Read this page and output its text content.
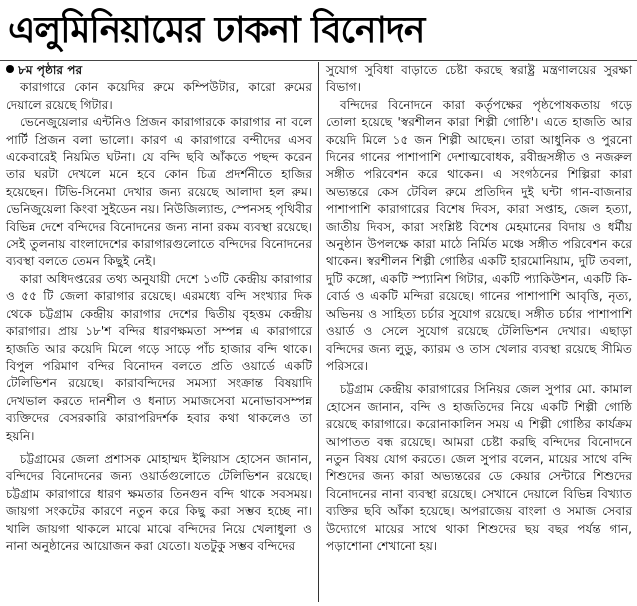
এলুমিনিয়ামের ঢাকনা বিনোদন

৮ম পৃষ্ঠার পর

কারাগারে কোন কয়েদির রুমে কম্পিউটার, কারো রুমের দেয়ালে রয়েছে গিটার।

ভেনেজুয়েলার এন্টনিও প্রিজন কারাগারকে কারাগার না বলে পার্টি প্রিজন বলা ভালো। কারণ এ কারাগারে বন্দীদের এসব একেবারেই নিয়মিত ঘটনা। যে বন্দি ছবি আঁকতে পছন্দ করেন তার ঘরটা দেখলে মনে হবে কোন চিত্র প্রদর্শনীতে হাজির হয়েছেন। টিভি-সিনেমা দেখার জন্য রয়েছে আলাদা হল রুম। ভেনিজুয়েলা কিংবা সুইডেন নয়। নিউজিল্যান্ড, স্পেনসহ পৃথিবীর বিভিন্ন দেশে বন্দিদের বিনোদনের জন্য নানা রকম ব্যবস্থা রয়েছে। সেই তুলনায় বাংলাদেশের কারাগারগুলোতে বন্দিদের বিনোদনের ব্যবস্থা বলতে তেমন কিছুই নেই।

কারা অধিদপ্তরের তথ্য অনুযায়ী দেশে ১৩টি কেন্দ্রীয় কারাগার ও ৫৫ টি জেলা কারাগার রয়েছে। এরমধ্যে বন্দি সংখ্যার দিক থেকে চট্টগ্রাম কেন্দ্রীয় কারাগার দেশের দ্বিতীয় বৃহত্তম কেন্দ্রীয় কারাগার। প্রায় ১৮'শ বন্দির ধারণক্ষমতা সম্পন্ন এ কারাগারে হাজতি আর কয়েদি মিলে গড়ে সাড়ে পাঁচ হাজার বন্দি থাকে। বিপুল পরিমাণ বন্দির বিনোদন বলতে প্রতি ওয়ার্ডে একটি টেলিভিশন রয়েছে। কারাবন্দিদের সমস্যা সংক্রান্ত বিষয়াদি দেখভাল করতে দানশীল ও ধনাঢ্য সমাজসেবা মনোভাবসম্পন্ন ব্যক্তিদের বেসরকারি কারাপরিদর্শক হবার কথা থাকলেও তা হয়নি।

চট্টগ্রামের জেলা প্রশাসক মোহাম্মদ ইলিয়াস হোসেন জানান, বন্দিদের বিনোদনের জন্য ওয়ার্ডগুলোতে টেলিভিশন রয়েছে। চট্টগ্রাম কারাগারে ধারণ ক্ষমতার তিনগুন বন্দি থাকে সবসময়। জায়গা সংকটের কারণে নতুন করে কিছু করা সম্ভব হচ্ছে না। খালি জায়গা থাকলে মাঝে মাঝে বন্দিদের নিয়ে খেলাধুলা ও নানা অনুষ্ঠানের আয়োজন করা যেতো। যতটুকু সম্ভব বন্দিদের

সুযোগ সুবিধা বাড়াতে চেষ্টা করছে স্বরাষ্ট্র মন্ত্রণালয়ের সুরক্ষা বিভাগ।

বন্দিদের বিনোদনে কারা কর্তৃপক্ষের পৃষ্ঠপোষকতায় গড়ে তোলা হয়েছে 'স্বরশীলন কারা শিল্পী গোষ্ঠি'। এতে হাজতি আর কয়েদি মিলে ১৫ জন শিল্পী আছেন। তারা আধুনিক ও পুরনো দিনের গানের পাশাপাশি দেশাত্মবোধক, রবীন্দ্রসঙ্গীত ও নজরুল সঙ্গীত পরিবেশন করে থাকেন। এ সংগঠনের শিল্পিরা কারা অভ্যন্তরে কেস টেবিল রুমে প্রতিদিন দুই ঘন্টা গান-বাজনার পাশাপাশি কারাগারের বিশেষ দিবস, কারা সপ্তাহ, জেল হত্যা, জাতীয় দিবস, কারা সংশ্লিষ্ট বিশেষ মেহমানের বিদায় ও ধর্মীয় অনুষ্ঠান উপলক্ষে কারা মাঠে নির্মিত মঞ্চে সঙ্গীত পরিবেশন করে থাকেন। স্বরশীলন শিল্পী গোষ্ঠির একটি হারমোনিয়াম, দুটি তবলা, দুটি কঙ্গো, একটি স্প্যানিশ গিটার, একটি প্যাকিউশন, একটি কি-বোর্ড ও একটি মন্দিরা রয়েছে। গানের পাশাপাশি আবৃত্তি, নৃত্য, অভিনয় ও সাহিত্য চর্চার সুযোগ রয়েছে। সঙ্গীত চর্চার পাশাপাশি ওয়ার্ড ও সেলে সুযোগ রয়েছে টেলিভিশন দেখার। এছাড়া বন্দিদের জন্য লুডু, ক্যারম ও তাস খেলার ব্যবস্থা রয়েছে সীমিত পরিসরে।

চট্টগ্রাম কেন্দ্রীয় কারাগারের সিনিয়র জেল সুপার মো. কামাল হোসেন জানান, বন্দি ও হাজতিদের নিয়ে একটি শিল্পী গোষ্ঠি রয়েছে কারাগারে। করোনাকালিন সময় এ শিল্পী গোষ্ঠির কার্যক্রম আপাতত বন্ধ রয়েছে। আমরা চেষ্টা করছি বন্দিদের বিনোদনে নতুন বিষয় যোগ করতে। জেল সুপার বলেন, মায়ের সাথে বন্দি শিশুদের জন্য কারা অভ্যন্তরের ডে কেয়ার সেন্টারে শিশুদের বিনোদনের নানা ব্যবস্থা রয়েছে। সেখানে দেয়ালে বিভিন্ন বিখ্যাত ব্যক্তির ছবি আঁকা হয়েছে। অপরাজেয় বাংলা ও সমাজ সেবার উদ্যোগে মায়ের সাথে থাকা শিশুদের ছয় বছর পর্যন্ত গান, পড়াশোনা শেখানো হয়।
